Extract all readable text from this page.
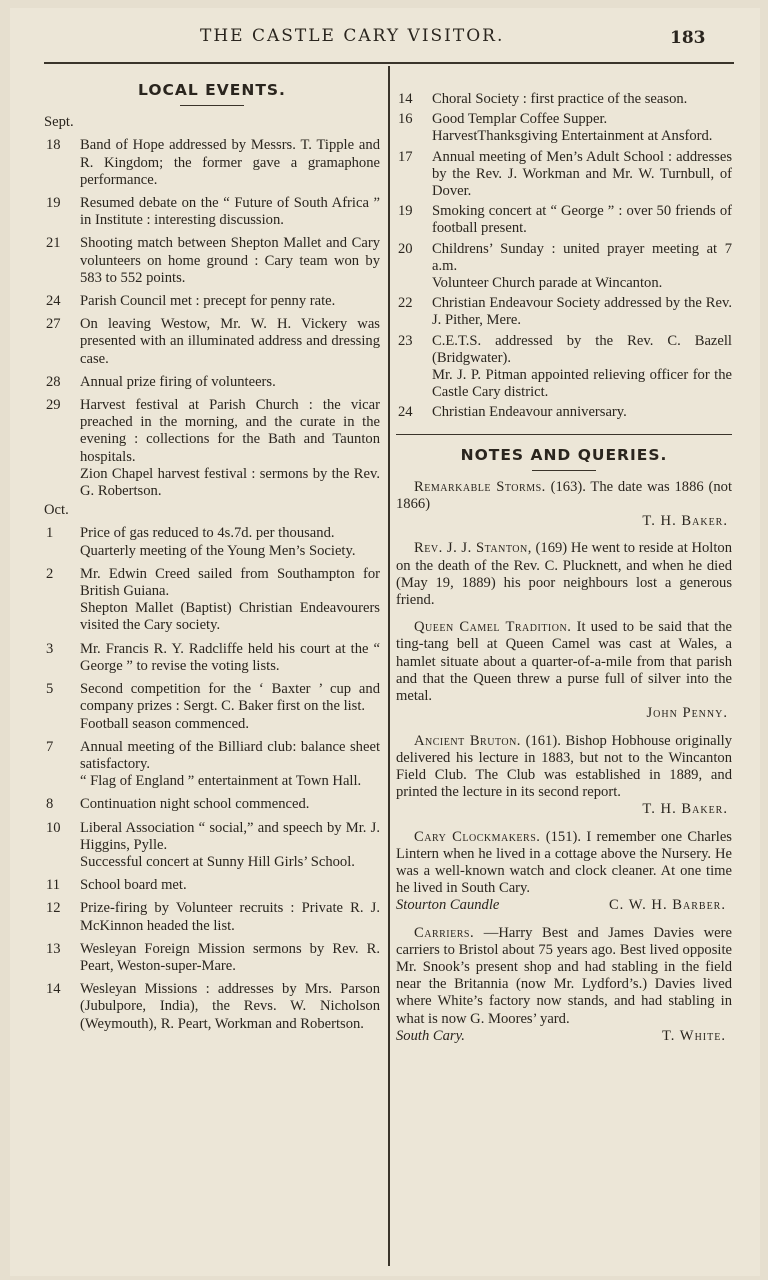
THE CASTLE CARY VISITOR.	183
LOCAL EVENTS.
Sept.
18	Band of Hope addressed by Messrs. T. Tipple and R. Kingdom; the former gave a gramaphone performance.
19	Resumed debate on the “ Future of South Africa ” in Institute : interesting discussion.
21	Shooting match between Shepton Mallet and Cary volunteers on home ground : Cary team won by 583 to 552 points.
24	Parish Council met : precept for penny rate.
27	On leaving Westow, Mr. W. H. Vickery was presented with an illuminated address and dressing case.
28	Annual prize firing of volunteers.
29	Harvest festival at Parish Church : the vicar preached in the morning, and the curate in the evening : collections for the Bath and Taunton hospitals.
Zion Chapel harvest festival : sermons by the Rev. G. Robertson.
Oct.
1	Price of gas reduced to 4s.7d. per thousand.
Quarterly meeting of the Young Men’s Society.
2	Mr. Edwin Creed sailed from Southampton for British Guiana.
Shepton Mallet (Baptist) Christian Endeavourers visited the Cary society.
3	Mr. Francis R. Y. Radcliffe held his court at the “ George ” to revise the voting lists.
5	Second competition for the ‘ Baxter ’ cup and company prizes : Sergt. C. Baker first on the list.
Football season commenced.
7	Annual meeting of the Billiard club: balance sheet satisfactory.
“ Flag of England ” entertainment at Town Hall.
8	Continuation night school commenced.
10	Liberal Association “ social,” and speech by Mr. J. Higgins, Pylle.
Successful concert at Sunny Hill Girls’ School.
11	School board met.
12	Prize-firing by Volunteer recruits : Private R. J. McKinnon headed the list.
13	Wesleyan Foreign Mission sermons by Rev. R. Peart, Weston-super-Mare.
14	Wesleyan Missions : addresses by Mrs. Parson (Jubulpore, India), the Revs. W. Nicholson (Weymouth), R. Peart, Workman and Robertson.
14	Choral Society : first practice of the season.
16	Good Templar Coffee Supper.
HarvestThanksgiving Entertainment at Ansford.
17	Annual meeting of Men’s Adult School : addresses by the Rev. J. Workman and Mr. W. Turnbull, of Dover.
19	Smoking concert at “ George ” : over 50 friends of football present.
20	Childrens’ Sunday : united prayer meeting at 7 a.m.
Volunteer Church parade at Wincanton.
22	Christian Endeavour Society addressed by the Rev. J. Pither, Mere.
23	C.E.T.S. addressed by the Rev. C. Bazell (Bridgwater).
Mr. J. P. Pitman appointed relieving officer for the Castle Cary district.
24	Christian Endeavour anniversary.
NOTES AND QUERIES.

Remarkable Storms. (163). The date was 1886 (not 1866)

T. H. Baker.

Rev. J. J. Stanton, (169) He went to reside at Holton on the death of the Rev. C. Plucknett, and when he died (May 19, 1889) his poor neighbours lost a generous friend.

Queen Camel Tradition. It used to be said that the ting-tang bell at Queen Camel was cast at Wales, a hamlet situate about a quarter-of-a-mile from that parish and that the Queen threw a purse full of silver into the metal.

John Penny.

Ancient Bruton. (161). Bishop Hobhouse originally delivered his lecture in 1883, but not to the Wincanton Field Club. The Club was established in 1889, and printed the lecture in its second report.

T. H. Baker.

Cary Clockmakers. (151). I remember one Charles Lintern when he lived in a cottage above the Nursery. He was a well-known watch and clock cleaner. At one time he lived in South Cary.

Stourton Caundle	C. W. H. Barber.

Carriers. —Harry Best and James Davies were carriers to Bristol about 75 years ago. Best lived opposite Mr. Snook’s present shop and had stabling in the field near the Britannia (now Mr. Lydford’s.) Davies lived where White’s factory now stands, and had stabling in what is now G. Moores’ yard.

South Cary.	T. White.
